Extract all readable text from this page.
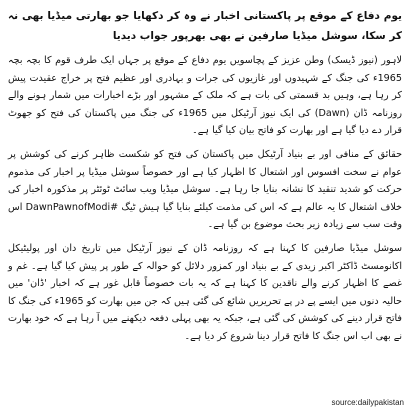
یوم دفاع کے موقع پر پاکستانی اخبار نے وہ کر دکھایا جو بھارتی میڈیا بھی نہ کر سکا، سوشل میڈیا صارفین نے بھی بھرپور جواب دیدیا
لاہور (نیوز ڈیسک) وطن عزیز کے پچاسویں یوم دفاع کے موقع پر جہاں ایک طرف قوم کا بچہ بچہ 1965ء کی جنگ کے شہیدوں اور غازیوں کی جرات و بہادری اور عظیم فتح پر خراج عقیدت پیش کر رہا ہے، وہیں بد قسمتی کی بات ہے کہ ملک کے مشہور اور بڑے اخبارات میں شمار ہونے والے روزنامہ ڈان (Dawn) کی ایک نیوز آرٹیکل میں 1965ء کی جنگ میں پاکستان کی فتح کو جھوٹ قرار دے دیا گیا ہے اور بھارت کو فاتح بیان کیا گیا ہے۔
حقائق کے منافی اور بے بنیاد آرٹیکل میں پاکستان کی فتح کو شکست ظاہر کرنے کی کوشش پر عوام نے سخت افسوس اور اشتعال کا اظہار کیا ہے اور خصوصاً سوشل میڈیا پر اخبار کی مذموم حرکت کو شدید تنقید کا نشانہ بنایا جا رہا ہے۔ سوشل میڈیا ویب سائٹ ٹوئٹر پر مذکورہ اخبار کی خلاف اشتعال کا یہ عالم ہے کہ اس کی مذمت کیلئے بنایا گیا ہیش ٹیگ #DawnPawnofModi اس وقت سب سے زیادہ زیر بحث موضوع بن گیا ہے۔
سوشل میڈیا صارفین کا کہنا ہے کہ روزنامہ ڈان کے نیوز آرٹیکل میں تاریخ دان اور پولیٹیکل اکانومسٹ ڈاکٹر اکبر زیدی کے بے بنیاد اور کمزور دلائل کو حوالہ کے طور پر پیش کیا گیا ہے۔ غم و غصے کا اظہار کرنے والے ناقدین کا کہنا ہے کہ یہ بات خصوصاً قابل غور ہے کہ اخبار 'ڈان' میں حالیہ دنوں میں ایسے پے در پے تحریریں شائع کی گئی ہیں کہ جن میں بھارت کو 1965ء کی جنگ کا فاتح قرار دینے کی کوشش کی گئی ہے، جبکہ یہ بھی پہلی دفعہ دیکھنے میں آ رہا ہے کہ خود بھارت نے بھی اب اس جنگ کا فاتح قرار دینا شروع کر دیا ہے۔
source:dailypakistan
